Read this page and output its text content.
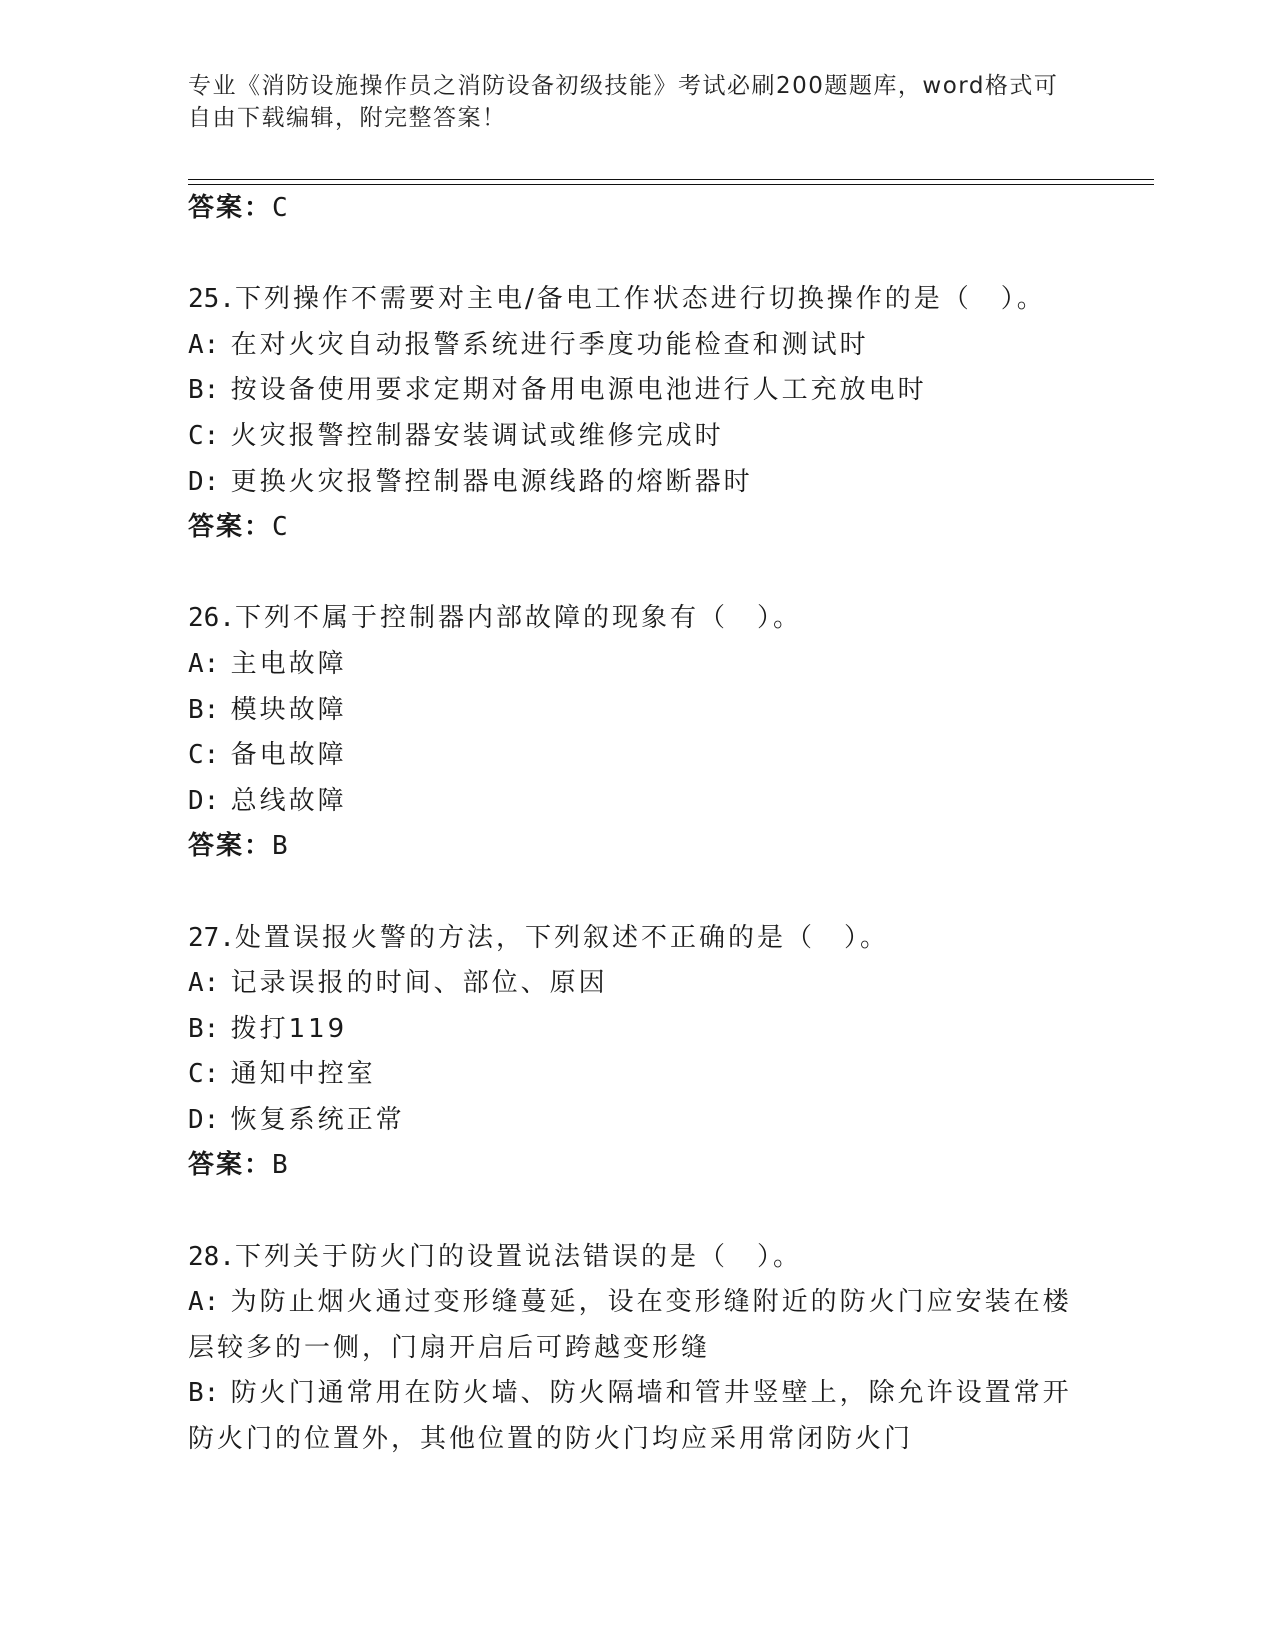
专业《消防设施操作员之消防设备初级技能》考试必刷200题题库，word格式可
自由下载编辑，附完整答案！
答案：C
25.下列操作不需要对主电/备电工作状态进行切换操作的是（　）。
A: 在对火灾自动报警系统进行季度功能检查和测试时
B: 按设备使用要求定期对备用电源电池进行人工充放电时
C: 火灾报警控制器安装调试或维修完成时
D: 更换火灾报警控制器电源线路的熔断器时
答案：C
26.下列不属于控制器内部故障的现象有（　）。
A: 主电故障
B: 模块故障
C: 备电故障
D: 总线故障
答案：B
27.处置误报火警的方法，下列叙述不正确的是（　）。
A: 记录误报的时间、部位、原因
B: 拨打119
C: 通知中控室
D: 恢复系统正常
答案：B
28.下列关于防火门的设置说法错误的是（　）。
A: 为防止烟火通过变形缝蔓延，设在变形缝附近的防火门应安装在楼
层较多的一侧，门扇开启后可跨越变形缝
B: 防火门通常用在防火墙、防火隔墙和管井竖壁上，除允许设置常开
防火门的位置外，其他位置的防火门均应采用常闭防火门
